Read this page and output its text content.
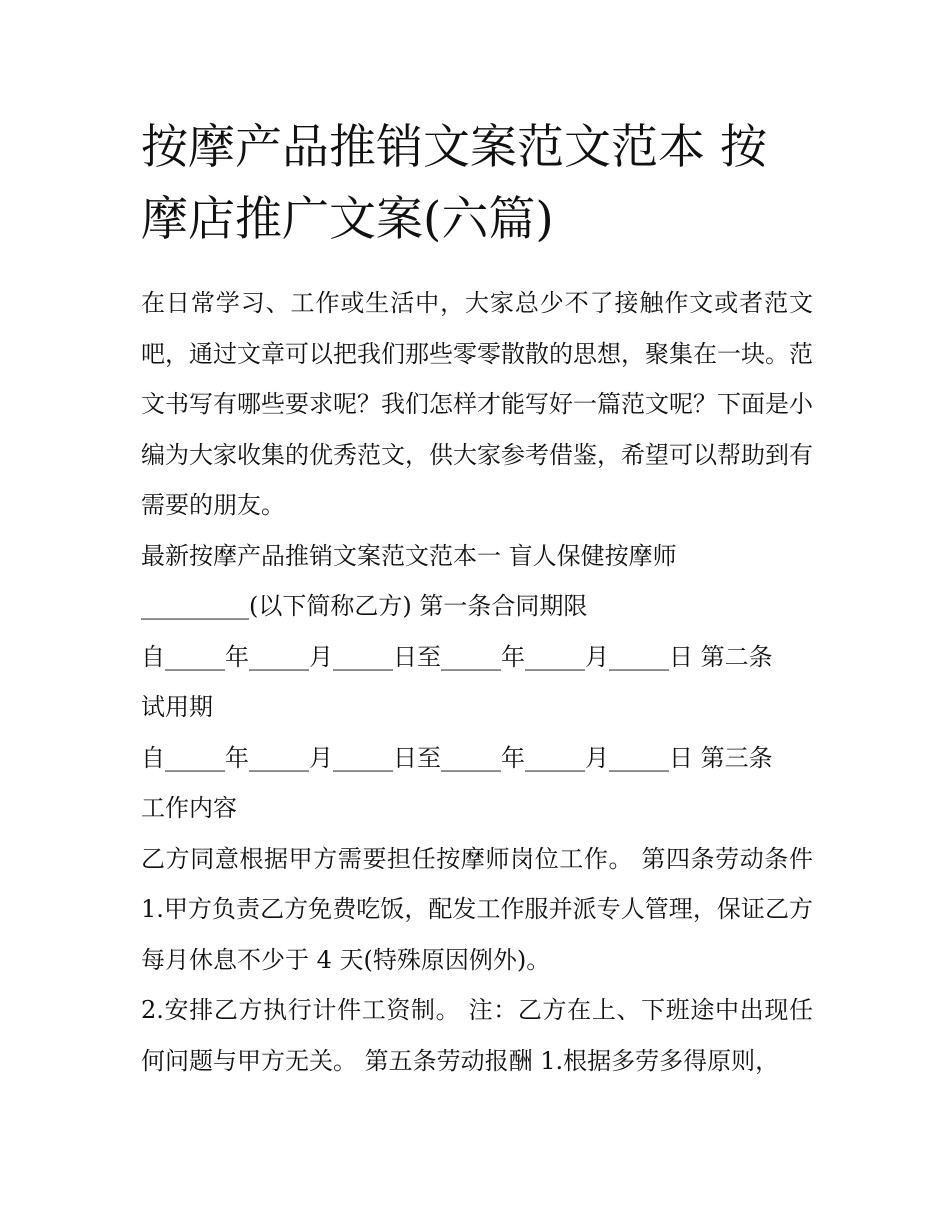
按摩产品推销文案范文范本 按
摩店推广文案(六篇)

在日常学习、工作或生活中，大家总少不了接触作文或者范文吧，通过文章可以把我们那些零零散散的思想，聚集在一块。范文书写有哪些要求呢？我们怎样才能写好一篇范文呢？下面是小编为大家收集的优秀范文，供大家参考借鉴，希望可以帮助到有需要的朋友。

最新按摩产品推销文案范文范本一 盲人保健按摩师

_________(以下简称乙方) 第一条合同期限

自_____年_____月_____日至_____年_____月_____日 第二条

试用期

自_____年_____月_____日至_____年_____月_____日 第三条

工作内容

乙方同意根据甲方需要担任按摩师岗位工作。 第四条劳动条件 1.甲方负责乙方免费吃饭，配发工作服并派专人管理，保证乙方每月休息不少于 4 天(特殊原因例外)。

2.安排乙方执行计件工资制。 注：乙方在上、下班途中出现任何问题与甲方无关。 第五条劳动报酬 1.根据多劳多得原则，
